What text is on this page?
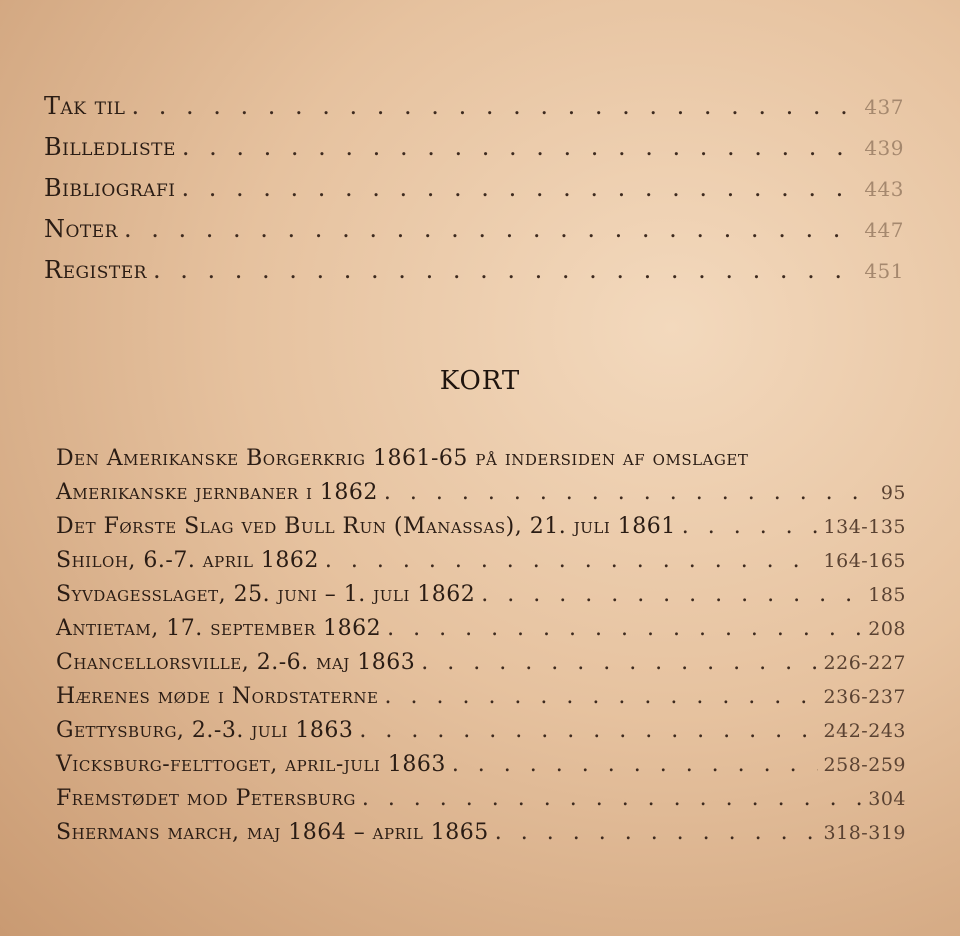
Tak til . . .	437
Billedliste . . .	439
Bibliografi . . .	443
Noter . . .	447
Register . . .	451
KORT
Den Amerikanske Borgerkrig 1861-65 på indersiden af omslaget
Amerikanske jernbaner i 1862 . . .	95
Det Første Slag ved Bull Run (Manassas), 21. juli 1861 . . .	134-135
Shiloh, 6.-7. april 1862 . . .	164-165
Syvdagesslaget, 25. juni – 1. juli 1862 . . .	185
Antietam, 17. september 1862 . . .	208
Chancellorsville, 2.-6. maj 1863 . . .	226-227
Hærenes møde i Nordstaterne . . .	236-237
Gettysburg, 2.-3. juli 1863 . . .	242-243
Vicksburg-felttoget, april-juli 1863 . . .	258-259
Fremstødet mod Petersburg . . .	304
Shermans march, maj 1864 – april 1865 . . .	318-319
